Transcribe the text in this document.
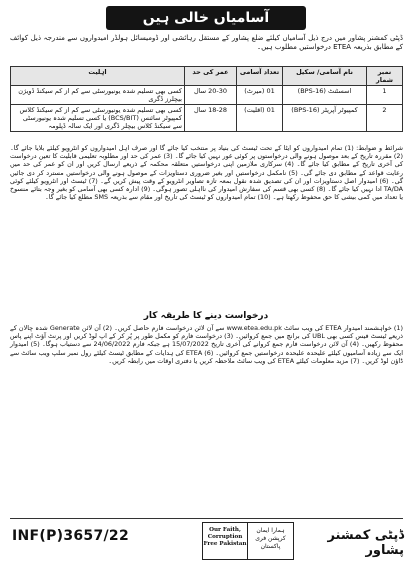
آسامیاں خالی ہیں

ڈپٹی کمشنر پشاور میں درج ذیل آسامیاں کیلئے ضلع پشاور کے مستقل رہائشی اور ڈومیسائل ہولڈر امیدواروں سے مندرجہ ذیل کوائف کے مطابق بذریعہ ETEA درخواستیں مطلوب ہیں۔

نمبر شمار	نام آسامی/ سکیل	تعداد آسامی	عمر کی حد	اہلیت
1	اسسٹنٹ (BPS-16)	01 (میرٹ)	20-30 سال	کسی بھی تسلیم شدہ یونیورسٹی سے کم از کم سیکنڈ ڈویژن بیچلرز ڈگری
2	کمپیوٹر آپریٹر (BPS-16)	01 (اقلیت)	18-28 سال	کسی بھی تسلیم شدہ یونیورسٹی سے کم از کم سیکنڈ کلاس کمپیوٹر سائنس (BCS/BIT) یا کسی تسلیم شدہ یونیورسٹی سے سیکنڈ کلاس بیچلر ڈگری اور ایک سالہ ڈپلومہ

شرائط و ضوابط: (1) تمام امیدواروں کو ایٹا کے تحت ٹیسٹ کی بنیاد پر منتخب کیا جائے گا اور صرف اہل امیدواروں کو انٹرویو کیلئے بلایا جائے گا۔ (2) مقررہ تاریخ کے بعد موصول ہونے والی درخواستوں پر کوئی غور نہیں کیا جائے گا۔ (3) عمر کی حد اور مطلوبہ تعلیمی قابلیت کا تعین درخواست کی آخری تاریخ کے مطابق کیا جائے گا۔ (4) سرکاری ملازمین اپنی درخواستیں متعلقہ محکمہ کے ذریعے ارسال کریں اور ان کو عمر کی حد میں رعایت قواعد کے مطابق دی جائے گی۔ (5) نامکمل درخواستیں اور بغیر ضروری دستاویزات کے موصول ہونے والی درخواستیں مسترد کر دی جائیں گی۔ (6) امیدوار اصل دستاویزات اور ان کی تصدیق شدہ نقول بمعہ تازہ تصاویر انٹرویو کے وقت پیش کریں گے۔ (7) ٹیسٹ اور انٹرویو کیلئے کوئی TA/DA ادا نہیں کیا جائے گا۔ (8) کسی بھی قسم کی سفارش امیدوار کی نااہلی تصور ہوگی۔ (9) ادارہ کسی بھی آسامی کو بغیر وجہ بتائے منسوخ یا تعداد میں کمی بیشی کا حق محفوظ رکھتا ہے۔ (10) تمام امیدواروں کو ٹیسٹ کی تاریخ اور مقام سے بذریعہ SMS مطلع کیا جائے گا۔

درخواست دینے کا طریقہ کار

(1) خواہشمند امیدوار ETEA کی ویب سائٹ www.etea.edu.pk سے آن لائن درخواست فارم حاصل کریں۔ (2) آن لائن Generate شدہ چالان کے ذریعے ٹیسٹ فیس کسی بھی UBL کی برانچ میں جمع کروائیں۔ (3) درخواست فارم کو مکمل طور پر پُر کر کے اپ لوڈ کریں اور پرنٹ آؤٹ اپنے پاس محفوظ رکھیں۔ (4) آن لائن درخواست فارم جمع کروانے کی آخری تاریخ 15/07/2022 ہے جبکہ فارم 24/06/2022 سے دستیاب ہوگا۔ (5) امیدوار ایک سے زیادہ آسامیوں کیلئے علیحدہ علیحدہ درخواستیں جمع کروائیں۔ (6) ETEA کی ہدایات کے مطابق ٹیسٹ کیلئے رول نمبر سلپ ویب سائٹ سے ڈاؤن لوڈ کریں۔ (7) مزید معلومات کیلئے ETEA کی ویب سائٹ ملاحظہ کریں یا دفتری اوقات میں رابطہ کریں۔

INF(P)3657/22	Our Faith, Corruption Free Pakistan
ہمارا ایمان کرپشن فری پاکستان
ڈپٹی کمشنر پشاور
